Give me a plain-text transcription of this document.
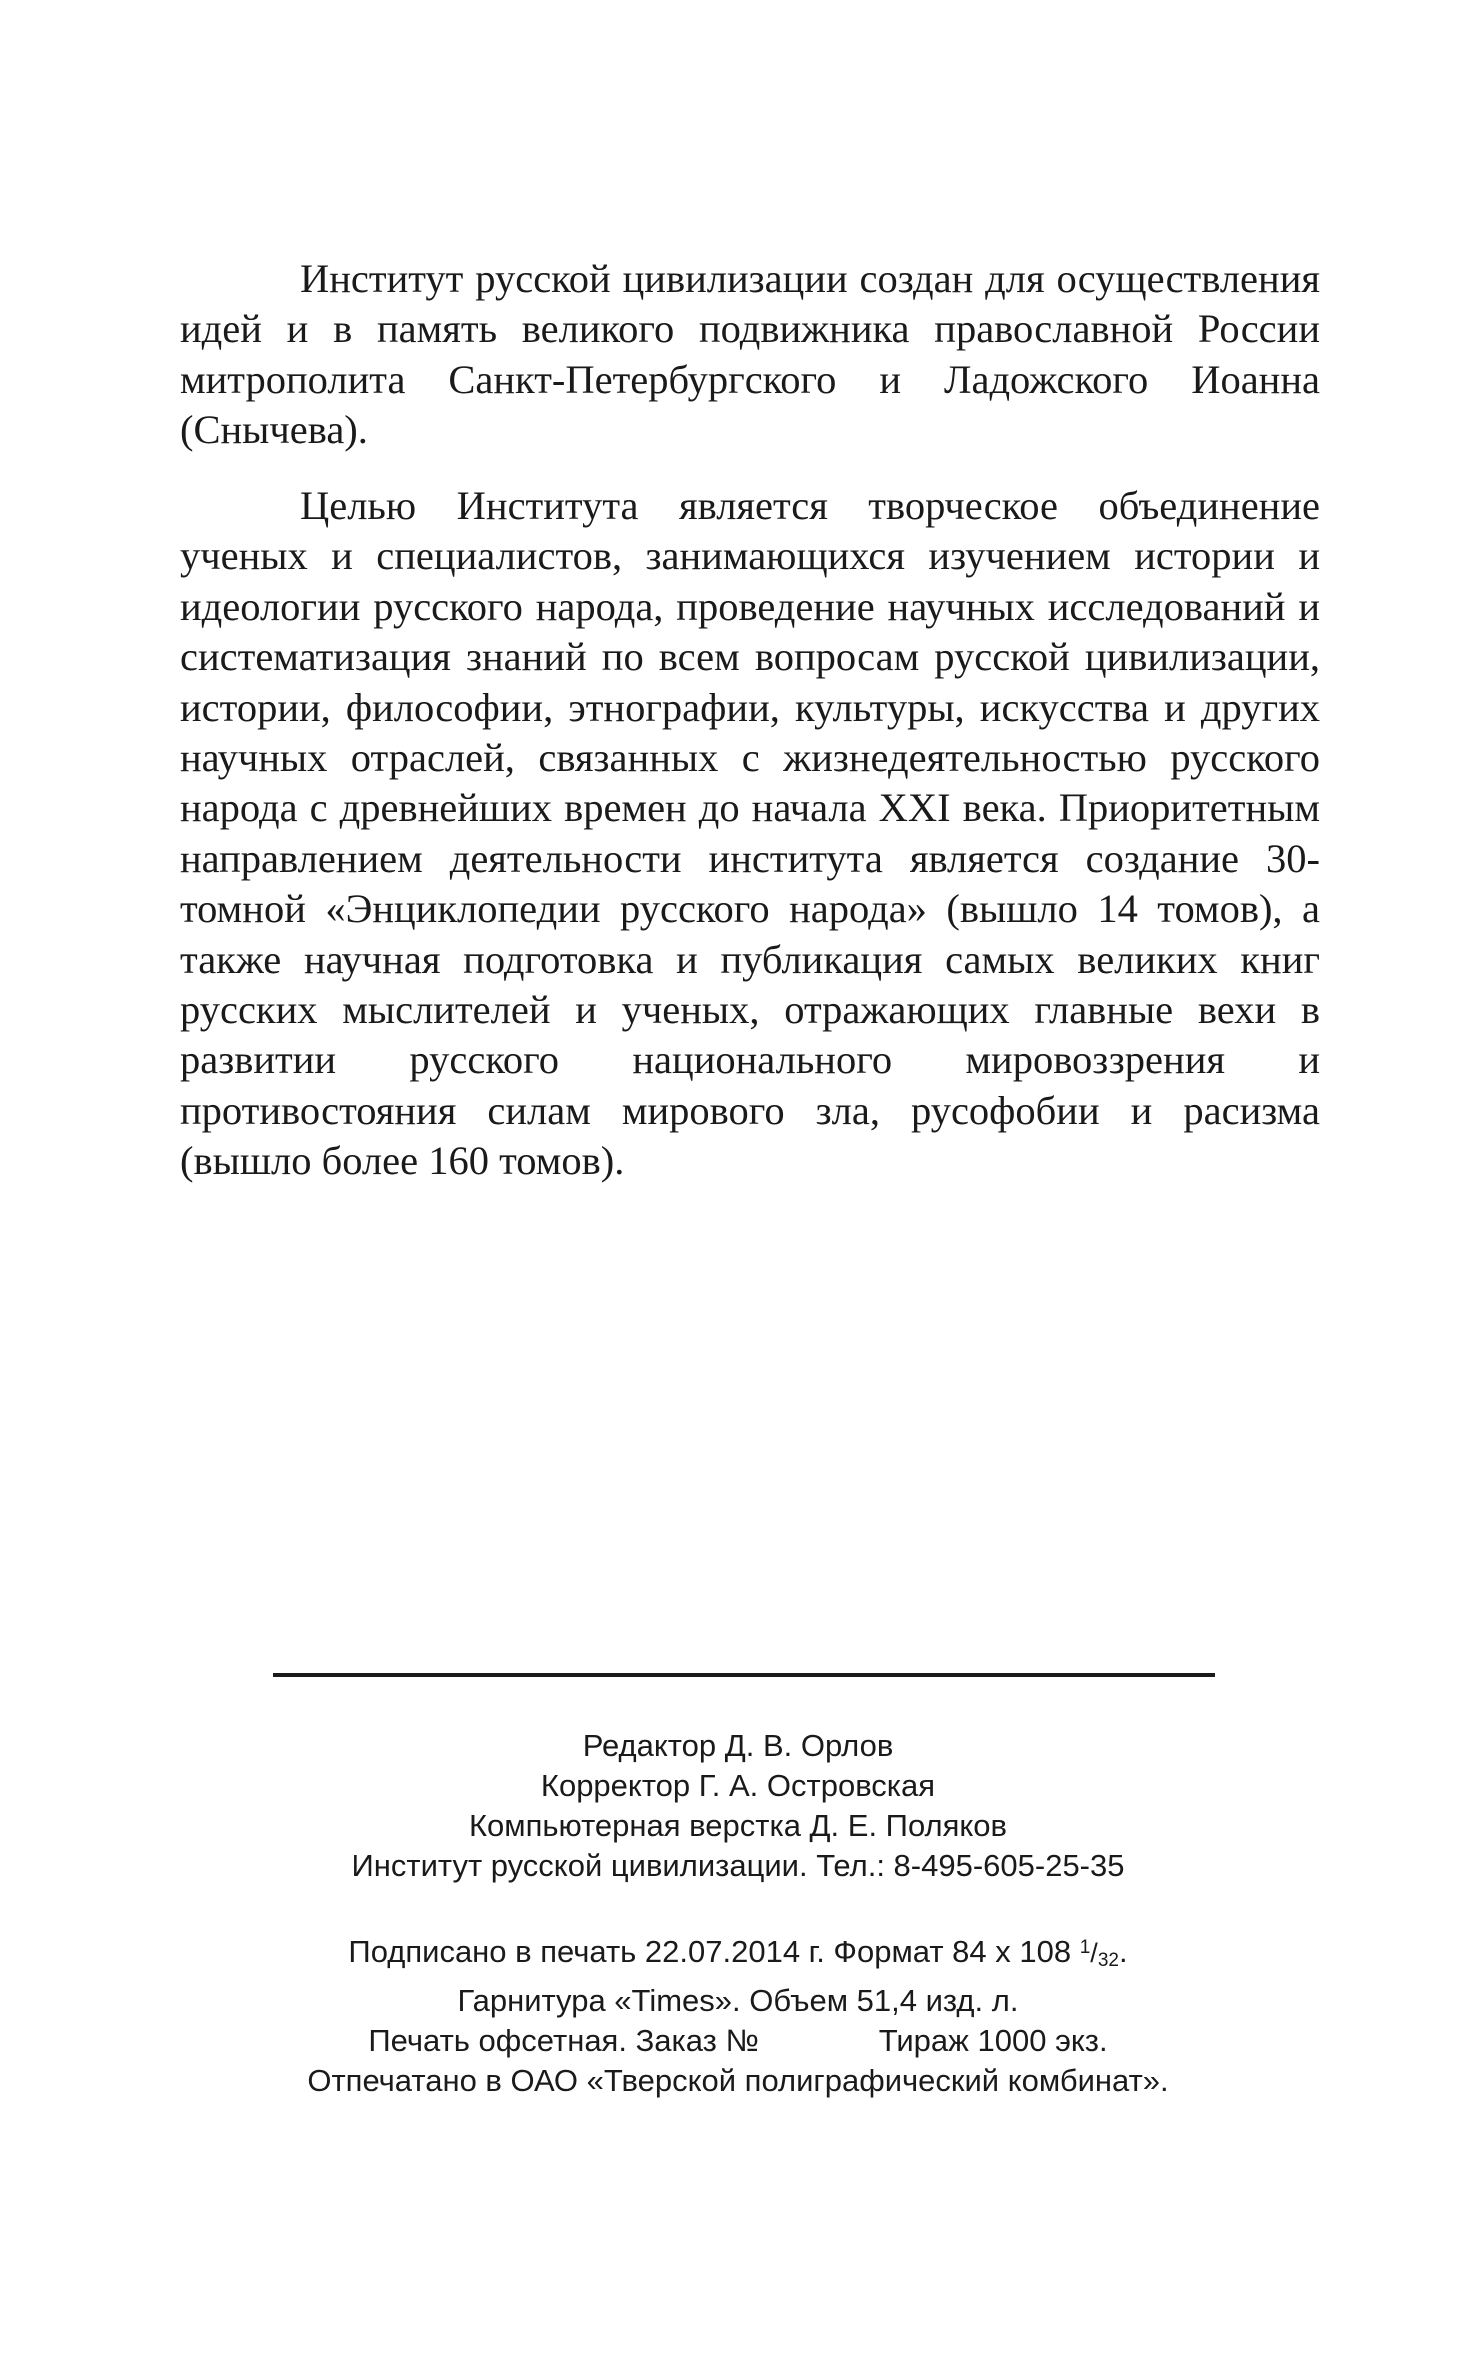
Институт русской цивилизации создан для осуществления идей и в память великого подвижника православной России митрополита Санкт-Петербургского и Ладожского Иоанна (Снычева).

Целью Института является творческое объединение ученых и специалистов, занимающихся изучением истории и идеологии русского народа, проведение научных исследований и систематизация знаний по всем вопросам русской цивилизации, истории, философии, этнографии, культуры, искусства и других научных отраслей, связанных с жизнедеятельностью русского народа с древнейших времен до начала XXI века. Приоритетным направлением деятельности института является создание 30-томной «Энциклопедии русского народа» (вышло 14 томов), а также научная подготовка и публикация самых великих книг русских мыслителей и ученых, отражающих главные вехи в развитии русского национального мировоззрения и противостояния силам мирового зла, русофобии и расизма (вышло более 160 томов).

Редактор Д. В. Орлов
Корректор Г. А. Островская
Компьютерная верстка Д. Е. Поляков
Институт русской цивилизации. Тел.: 8-495-605-25-35
Подписано в печать 22.07.2014 г. Формат 84 х 108 $^1$/32.
Гарнитура «Times». Объем 51,4 изд. л.
Печать офсетная. Заказ №	Тираж 1000 экз.
Отпечатано в ОАО «Тверской полиграфический комбинат».
